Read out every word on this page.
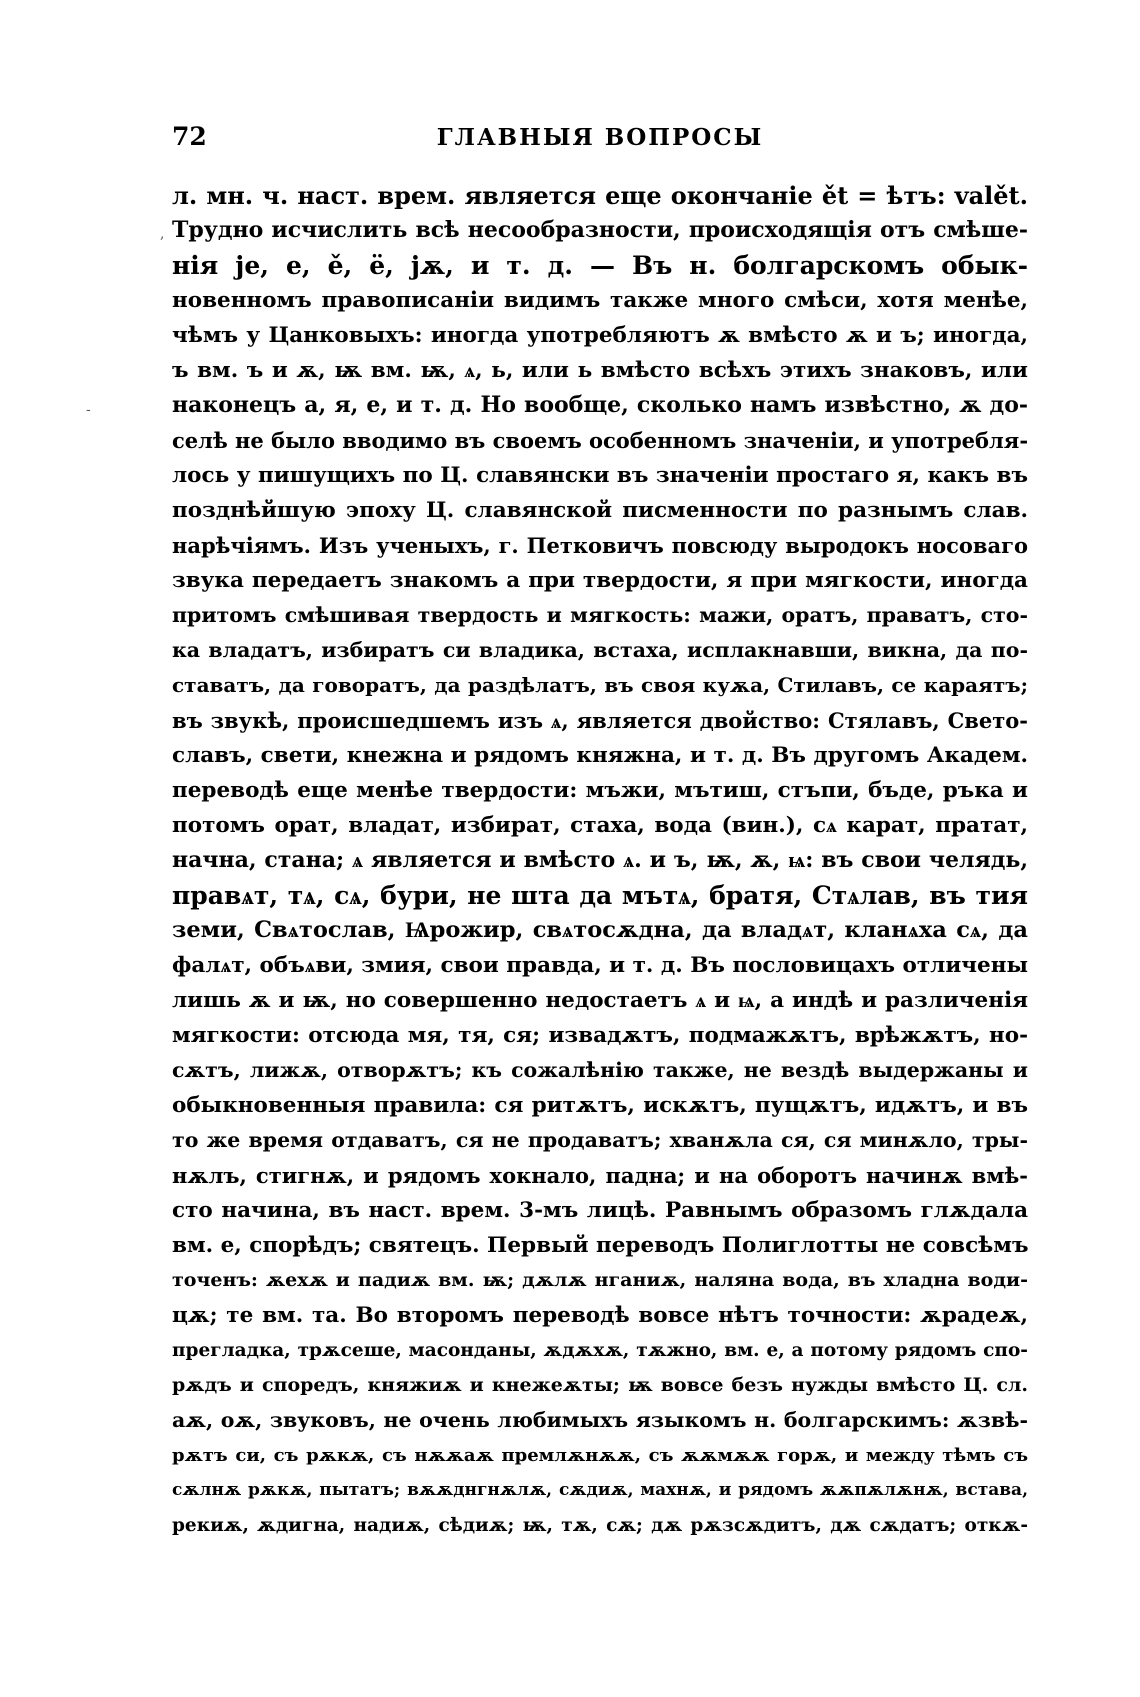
72	ГЛАВНЫЯ ВОПРОСЫ
,
-
л. мн. ч. наст. врем. является еще окончаніе ět = ѣтъ: valět.
Трудно исчислить всѣ несообразности, происходящія отъ смѣше-
нія je, e, ě, ё, jѫ, и т. д. — Въ н. болгарскомъ обык-
новенномъ правописаніи видимъ также много смѣси, хотя менѣе,
чѣмъ у Цанковыхъ: иногда употребляютъ ѫ вмѣсто ѫ и ъ; иногда,
ъ вм. ъ и ѫ, ѭ вм. ѭ, ѧ, ь, или ь вмѣсто всѣхъ этихъ знаковъ, или
наконецъ а, я, е, и т. д. Но вообще, сколько намъ извѣстно, ѫ до-
селѣ не было вводимо въ своемъ особенномъ значеніи, и употребля-
лось у пишущихъ по Ц. славянски въ значеніи простаго я, какъ въ
позднѣйшую эпоху Ц. славянской писменности по разнымъ слав.
нарѣчіямъ. Изъ ученыхъ, г. Петковичъ повсюду выродокъ носоваго
звука передаетъ знакомъ а при твердости, я при мягкости, иногда
притомъ смѣшивая твердость и мягкость: мажи, оратъ, праватъ, сто-
ка владатъ, избиратъ си владика, встаха, исплакнавши, викна, да по-
ставатъ, да говоратъ, да раздѣлатъ, въ своя куѫа, Стилавъ, се караятъ;
въ звукѣ, происшедшемъ изъ ѧ, является двойство: Стялавъ, Свето-
славъ, свети, кнежна и рядомъ княжна, и т. д. Въ другомъ Академ.
переводѣ еще менѣе твердости: мъжи, мътиш, стъпи, бъде, ръка и
потомъ орат, владат, избират, стаха, вода (вин.), сѧ карат, пратат,
начна, стана; ѧ является и вмѣсто ѧ. и ъ, ѭ, ѫ, ѩ: въ свои челядь,
правѧт, тѧ, сѧ, бури, не шта да мътѧ, братя, Стѧлав, въ тия
земи, Свѧтослав, Ѩрожир, свѧтосѫдна, да владѧт, кланѧха сѧ, да
фалѧт, объѧви, змия, свои правда, и т. д. Въ пословицахъ отличены
лишь ѫ и ѭ, но совершенно недостаетъ ѧ и ѩ, а индѣ и различенія
мягкости: отсюда мя, тя, ся; извадѫтъ, подмажѫтъ, врѣжѫтъ, но-
сѫтъ, лижѫ, отворѫтъ; къ сожалѣнію также, не вездѣ выдержаны и
обыкновенныя правила: ся ритѫтъ, искѫтъ, пущѫтъ, идѫтъ, и въ
то же время отдаватъ, ся не продаватъ; хванѫла ся, ся минѫло, тры-
нѫлъ, стигнѫ, и рядомъ хокнало, падна; и на оборотъ начинѫ вмѣ-
сто начина, въ наст. врем. 3-мъ лицѣ. Равнымъ образомъ глѫдала
вм. е, спорѣдъ; святецъ. Первый переводъ Полиглотты не совсѣмъ
точенъ: ѫехѫ и падиѫ вм. ѭ; дѫлѫ нганиѫ, наляна вода, въ хладна води-
цѫ; те вм. та. Во второмъ переводѣ вовсе нѣтъ точности: ѫрадеѫ,
прегладка, трѫсеше, масонданы, ѫдѫхѫ, тѫжно, вм. е, а потому рядомъ спо-
рѫдъ и споредъ, княжиѫ и кнежеѫты; ѭ вовсе безъ нужды вмѣсто Ц. сл.
аѫ, оѫ, звуковъ, не очень любимыхъ языкомъ н. болгарскимъ: ѫзвѣ-
рѫтъ си, съ рѫкѫ, съ нѫѫаѫ премлѫнѫѫ, съ ѫѫмѫѫ горѫ, и между тѣмъ съ
сѫлнѫ рѫкѫ, пытатъ; вѫѫднгнѫлѫ, сѫдиѫ, махнѫ, и рядомъ ѫѫпѫлѫнѫ, встава,
рекиѫ, ѫдигна, надиѫ, сѣдиѫ; ѭ, тѫ, сѫ; дѫ рѫзсѫдитъ, дѫ сѫдатъ; откѫ-
